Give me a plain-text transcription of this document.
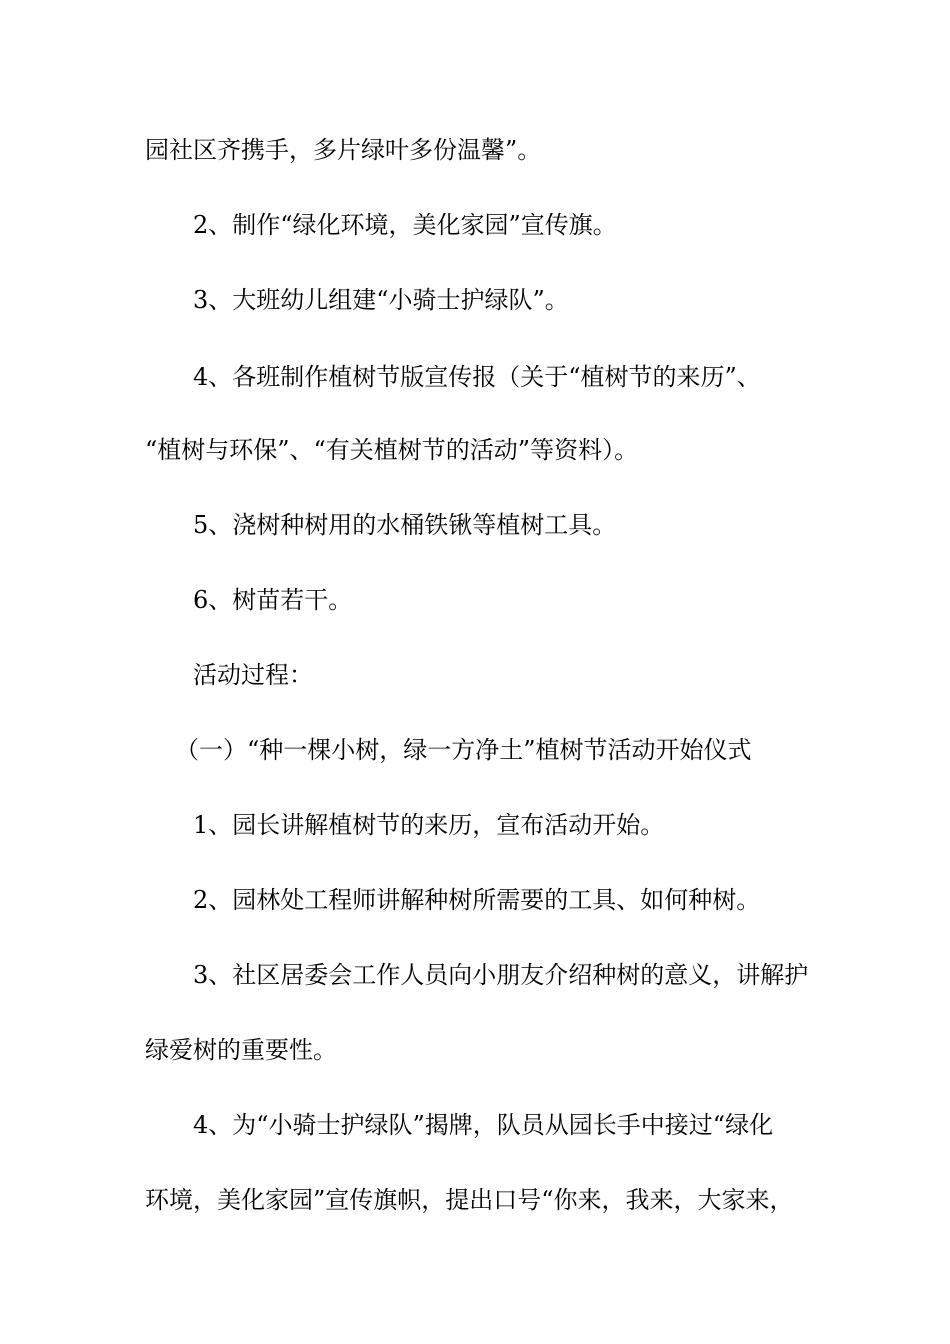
园社区齐携手，多片绿叶多份温馨”。
2、制作“绿化环境，美化家园”宣传旗。
3、大班幼儿组建“小骑士护绿队”。
4、各班制作植树节版宣传报（关于“植树节的来历”、
“植树与环保”、“有关植树节的活动”等资料）。
5、浇树种树用的水桶铁锹等植树工具。
6、树苗若干。
活动过程：
（一）“种一棵小树，绿一方净土”植树节活动开始仪式
1、园长讲解植树节的来历，宣布活动开始。
2、园林处工程师讲解种树所需要的工具、如何种树。
3、社区居委会工作人员向小朋友介绍种树的意义，讲解护
绿爱树的重要性。
4、为“小骑士护绿队”揭牌，队员从园长手中接过“绿化
环境，美化家园”宣传旗帜，提出口号“你来，我来，大家来，
